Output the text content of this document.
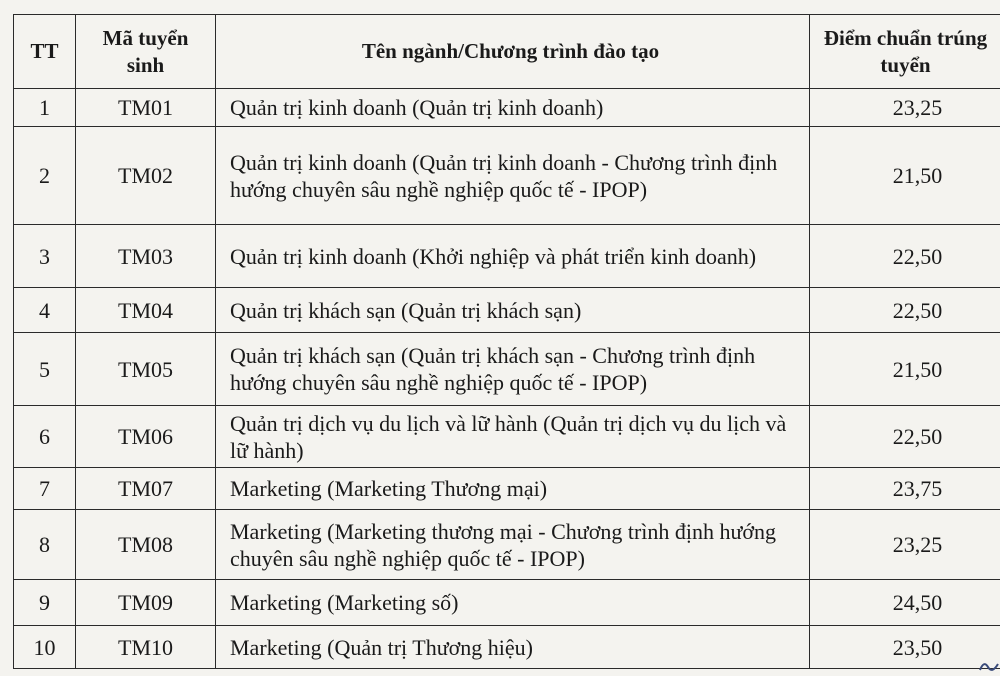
TT	Mã tuyển sinh	Tên ngành/Chương trình đào tạo	Điểm chuẩn trúng tuyển
1	TM01	Quản trị kinh doanh (Quản trị kinh doanh)	23,25
2	TM02	Quản trị kinh doanh (Quản trị kinh doanh - Chương trình định hướng chuyên sâu nghề nghiệp quốc tế - IPOP)	21,50
3	TM03	Quản trị kinh doanh (Khởi nghiệp và phát triển kinh doanh)	22,50
4	TM04	Quản trị khách sạn (Quản trị khách sạn)	22,50
5	TM05	Quản trị khách sạn (Quản trị khách sạn - Chương trình định hướng chuyên sâu nghề nghiệp quốc tế - IPOP)	21,50
6	TM06	Quản trị dịch vụ du lịch và lữ hành (Quản trị dịch vụ du lịch và lữ hành)	22,50
7	TM07	Marketing (Marketing Thương mại)	23,75
8	TM08	Marketing (Marketing thương mại - Chương trình định hướng chuyên sâu nghề nghiệp quốc tế - IPOP)	23,25
9	TM09	Marketing (Marketing số)	24,50
10	TM10	Marketing (Quản trị Thương hiệu)	23,50
